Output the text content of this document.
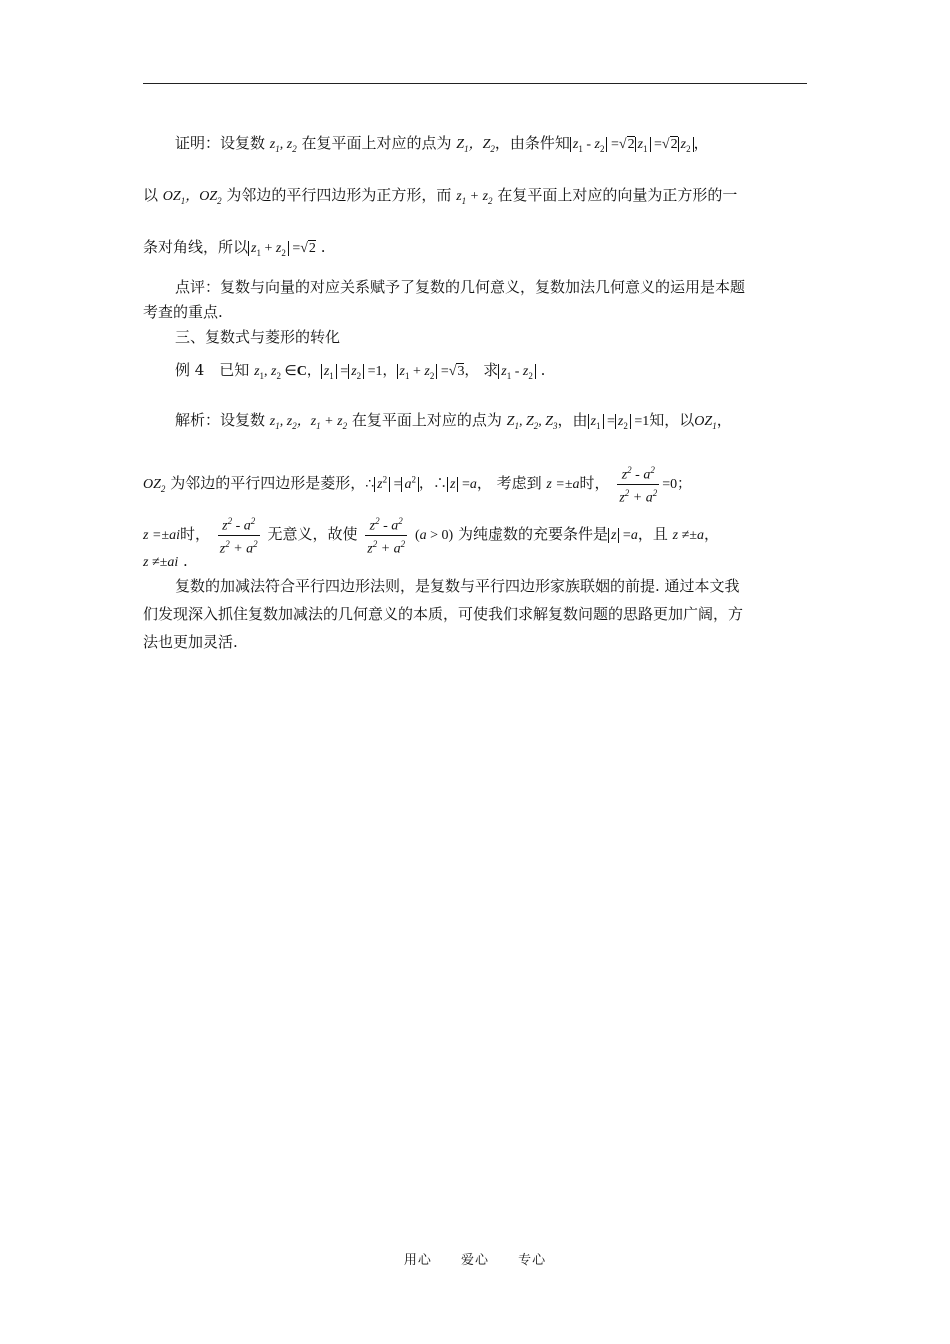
证明：设复数 $z_1$, $z_2$ 在复平面上对应的点为 $Z_1$，$Z_2$，由条件知 $z_1 - z_2 =√2$ $z_1 =√2$ $z_2$ ，
以 $OZ_1$，$OZ_2$ 为邻边的平行四边形为正方形，而 $z_1 + z_2$ 在复平面上对应的向量为正方形的一
条对角线，所以 $z_1 + z_2 =√2$ .
点评：复数与向量的对应关系赋予了复数的几何意义，复数加法几何意义的运用是本题
考查的重点.
三、复数式与菱形的转化
例 4　已知 $z_1$, $z_2$ ∈C， $z_1 = z_2 =1$， $z_1 + z_2 =√3$， 求 $z_1 - z_2$ .
解析：设复数 $z_1$, $z_2$，$z_1 + z_2$ 在复平面上对应的点为 $Z_1$, $Z_2$, $Z_3$，由 $z_1 = z_2 =1$知，以$OZ_1$，
$OZ_2$ 为邻边的平行四边形是菱形，∴ $z^2 = a^2$ ，∴ z =a， 考虑到 z =±a时， $\frac{z^2 - a^2}{z^2 + a^2} =0$；
z =±ai时， $\frac{z^2 - a^2}{z^2 + a^2}$ 无意义，故使 $\frac{z^2 - a^2}{z^2 + a^2} (a > 0)$ 为纯虚数的充要条件是 z =a，且 z ≠±a，
z ≠±ai .
复数的加减法符合平行四边形法则，是复数与平行四边形家族联姻的前提. 通过本文我
们发现深入抓住复数加减法的几何意义的本质，可使我们求解复数问题的思路更加广阔，方
法也更加灵活.
用心 爱心 专心
